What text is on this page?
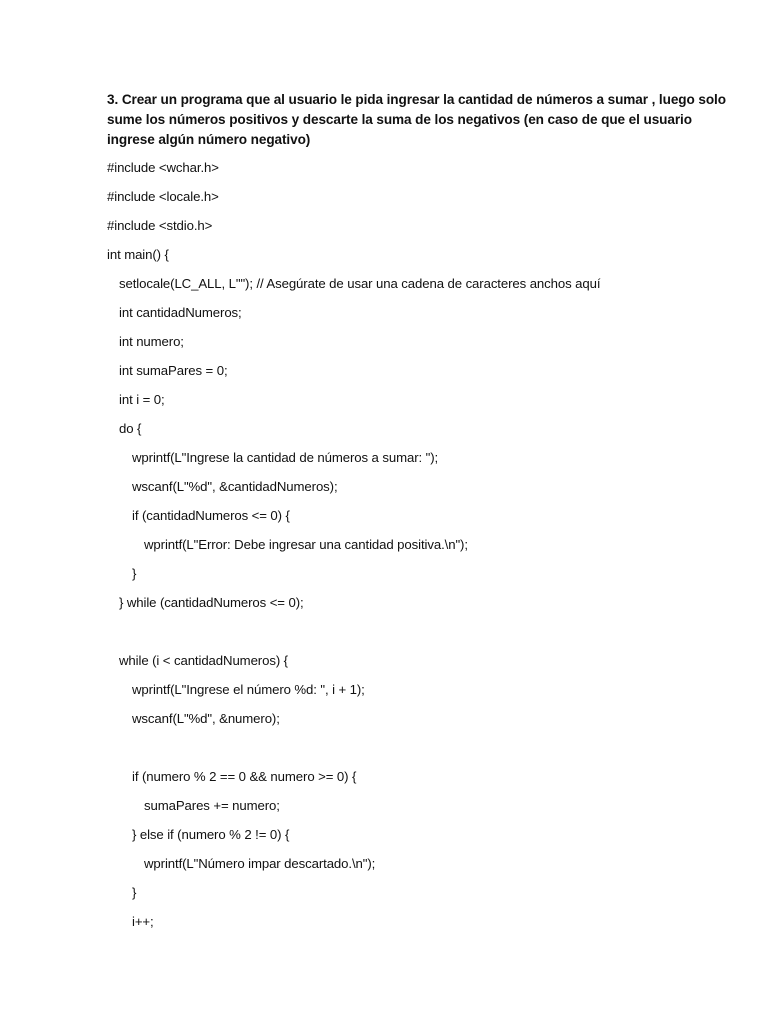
3. Crear un programa que al usuario le pida ingresar la cantidad de números a sumar , luego solo
sume los números positivos y descarte la suma de los negativos (en caso de que el usuario
ingrese algún número negativo)
#include <wchar.h>
#include <locale.h>
#include <stdio.h>
int main() {
setlocale(LC_ALL, L""); // Asegúrate de usar una cadena de caracteres anchos aquí
int cantidadNumeros;
int numero;
int sumaPares = 0;
int i = 0;
do {
wprintf(L"Ingrese la cantidad de números a sumar: ");
wscanf(L"%d", &cantidadNumeros);
if (cantidadNumeros <= 0) {
wprintf(L"Error: Debe ingresar una cantidad positiva.\n");
}
} while (cantidadNumeros <= 0);
while (i < cantidadNumeros) {
wprintf(L"Ingrese el número %d: ", i + 1);
wscanf(L"%d", &numero);
if (numero % 2 == 0 && numero >= 0) {
sumaPares += numero;
} else if (numero % 2 != 0) {
wprintf(L"Número impar descartado.\n");
}
i++;
